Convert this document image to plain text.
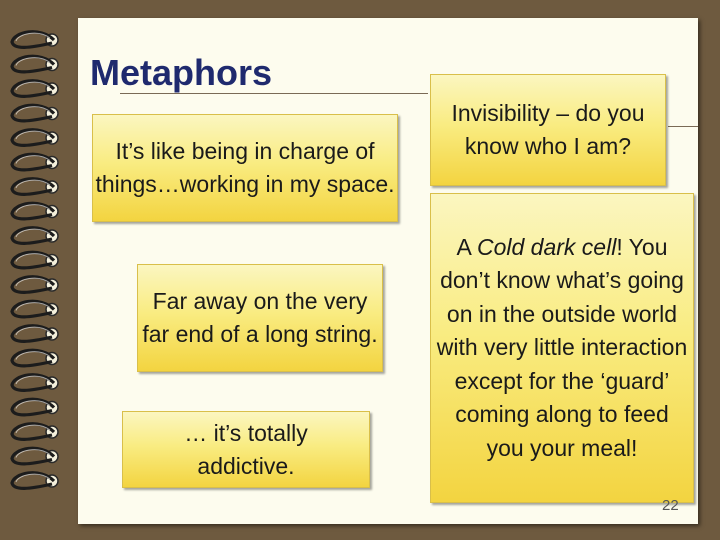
Metaphors
It’s like being in charge of things…working in my space.
Far away on the very far end of a long string.
… it’s totally addictive.
Invisibility – do you know who I am?
A Cold dark cell! You don’t know what’s going on in the outside world with very little interaction except for the ‘guard’ coming along to feed you your meal!
22
